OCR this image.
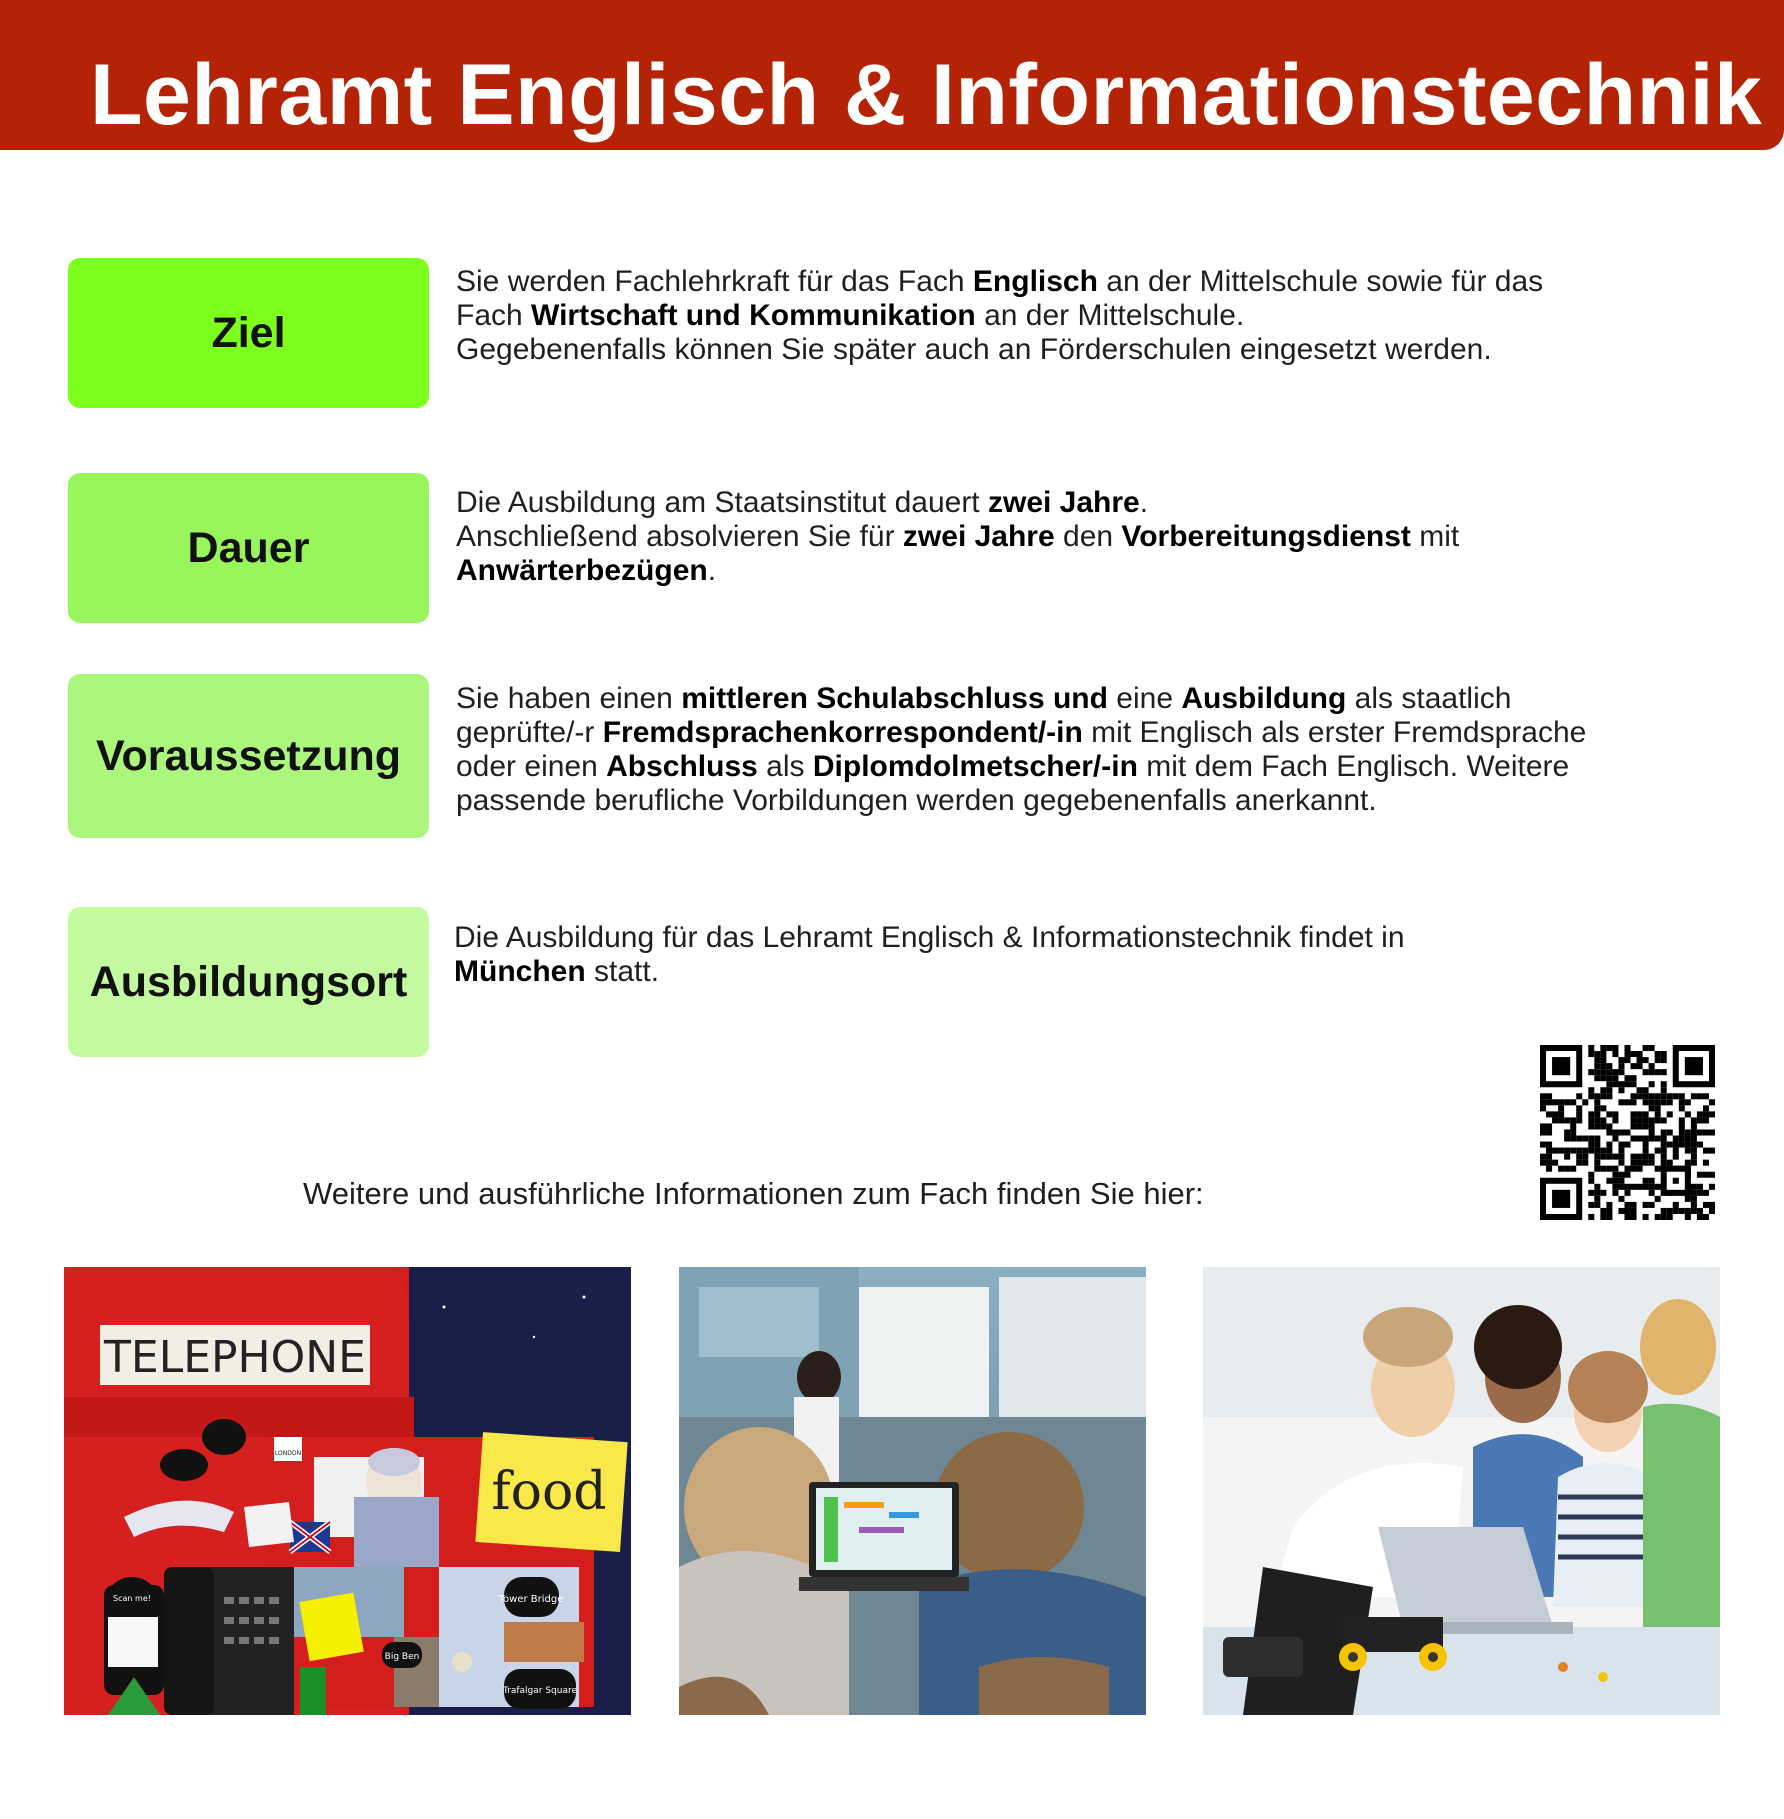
Lehramt Englisch & Informationstechnik
Ziel
Sie werden Fachlehrkraft für das Fach Englisch an der Mittelschule sowie für das
Fach Wirtschaft und Kommunikation an der Mittelschule.
Gegebenenfalls können Sie später auch an Förderschulen eingesetzt werden.
Dauer
Die Ausbildung am Staatsinstitut dauert zwei Jahre.
Anschließend absolvieren Sie für zwei Jahre den Vorbereitungsdienst mit
Anwärterbezügen.
Voraussetzung
Sie haben einen mittleren Schulabschluss und eine Ausbildung als staatlich
geprüfte/-r Fremdsprachenkorrespondent/-in mit Englisch als erster Fremdsprache
oder einen Abschluss als Diplomdolmetscher/-in mit dem Fach Englisch. Weitere
passende berufliche Vorbildungen werden gegebenenfalls anerkannt.
Ausbildungsort
Die Ausbildung für das Lehramt Englisch & Informationstechnik findet in
München statt.
Weitere und ausführliche Informationen zum Fach finden Sie hier:
TELEPHONE
food
Tower Bridge
Big Ben
Trafalgar Square
LONDON
Scan me!
